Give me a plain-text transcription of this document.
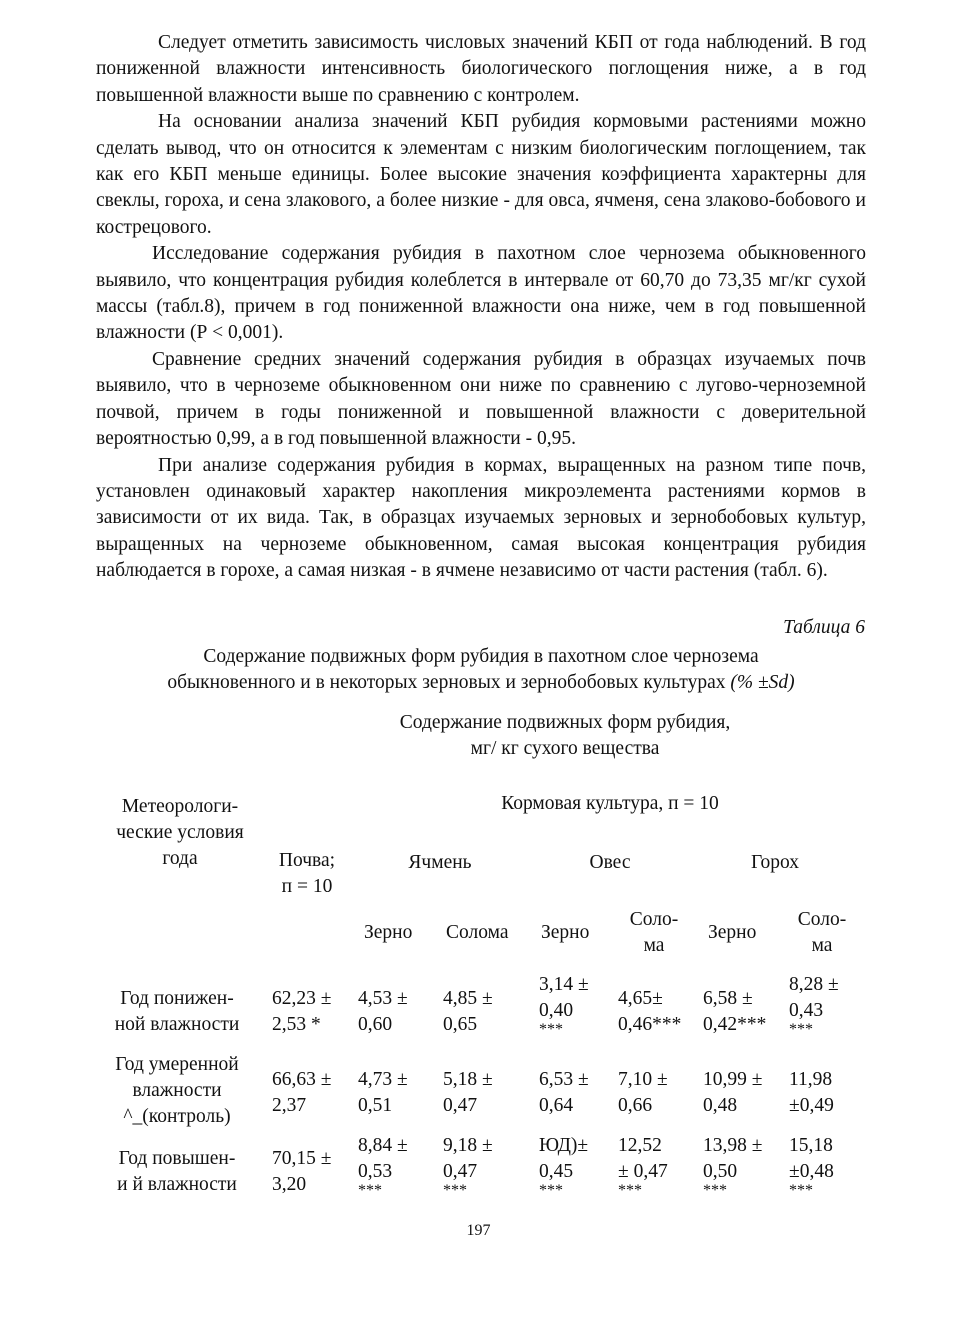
Следует отметить зависимость числовых значений КБП от года наблюдений. В год пониженной влажности интенсивность биологического поглощения ниже, а в год повышенной влажности выше по сравнению с контролем.

На основании анализа значений КБП рубидия кормовыми растениями можно сделать вывод, что он относится к элементам с низким биологическим поглощением, так как его КБП меньше единицы. Более высокие значения коэффициента характерны для свеклы, гороха, и сена злакового, а более низкие - для овса, ячменя, сена злаково-бобового и кострецового.

Исследование содержания рубидия в пахотном слое чернозема обыкновенного выявило, что концентрация рубидия колеблется в интервале от 60,70 до 73,35 мг/кг сухой массы (табл.8), причем в год пониженной влажности она ниже, чем в год повышенной влажности (Р < 0,001).

Сравнение средних значений содержания рубидия в образцах изучаемых почв выявило, что в черноземе обыкновенном они ниже по сравнению с лугово-черноземной почвой, причем в годы пониженной и повышенной влажности с доверительной вероятностью 0,99, а в год повышенной влажности - 0,95.

При анализе содержания рубидия в кормах, выращенных на разном типе почв, установлен одинаковый характер накопления микроэлемента растениями кормов в зависимости от их вида. Так, в образцах изучаемых зерновых и зернобобовых культур, выращенных на черноземе обыкновенном, самая высокая концентрация рубидия наблюдается в горохе, а самая низкая - в ячмене независимо от части растения (табл. 6).

Таблица 6
Содержание подвижных форм рубидия в пахотном слое чернозема
обыкновенного и в некоторых зерновых и зернобобовых культурах (% ±Sd)
Содержание подвижных форм рубидия,
мг/ кг сухого вещества
Метеорологи-
ческие условия
года
Кормовая культура, п = 10
Почва;
п = 10
Ячмень	Овес	Горох
Зерно Солома Зерно
Соло-
ма
Зерно
Соло-
ма
Год понижен-
ной влажности
62,23 ±
2,53 *
4,53 ±
0,60
4,85 ±
0,65
3,14 ±
0,40
***
4,65±
0,46***
6,58 ±
0,42***
8,28 ±
0,43
***
Год умеренной
влажности
^_(контроль)
66,63 ±
2,37
4,73 ±
0,51
5,18 ±
0,47
6,53 ±
0,64
7,10 ±
0,66
10,99 ±
0,48
11,98
±0,49
Год повышен-
и й влажности
70,15 ±
3,20
8,84 ±
0,53
***
9,18 ±
0,47
***
ЮД)±
0,45
***
12,52
± 0,47
***
13,98 ±
0,50
***
15,18
±0,48
***
197
